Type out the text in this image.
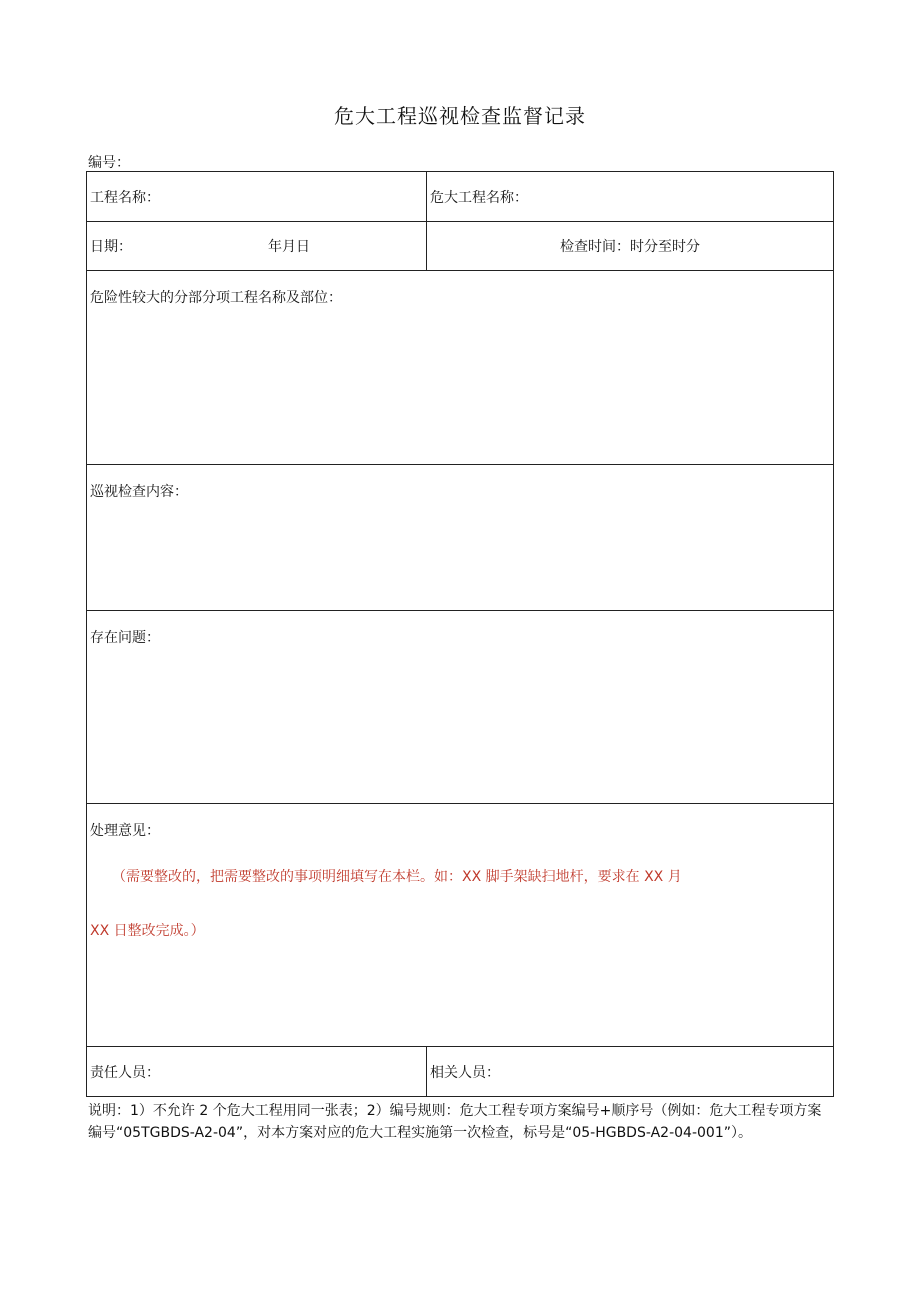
危大工程巡视检查监督记录
编号：
工程名称：	危大工程名称：
日期： 年月日	检查时间：时分至时分
危险性较大的分部分项工程名称及部位：	
巡视检查内容：	
存在问题：	

处理意见：
（需要整改的，把需要整改的事项明细填写在本栏。如：XX 脚手架缺扫地杆，要求在 XX 月
XX 日整改完成。）	

责任人员：	相关人员：
说明：1）不允许 2 个危大工程用同一张表；2）编号规则：危大工程专项方案编号+顺序号（例如：危大工程专项方案编号“05TGBDS-A2-04”，对本方案对应的危大工程实施第一次检查，标号是“05-HGBDS-A2-04-001”）。
